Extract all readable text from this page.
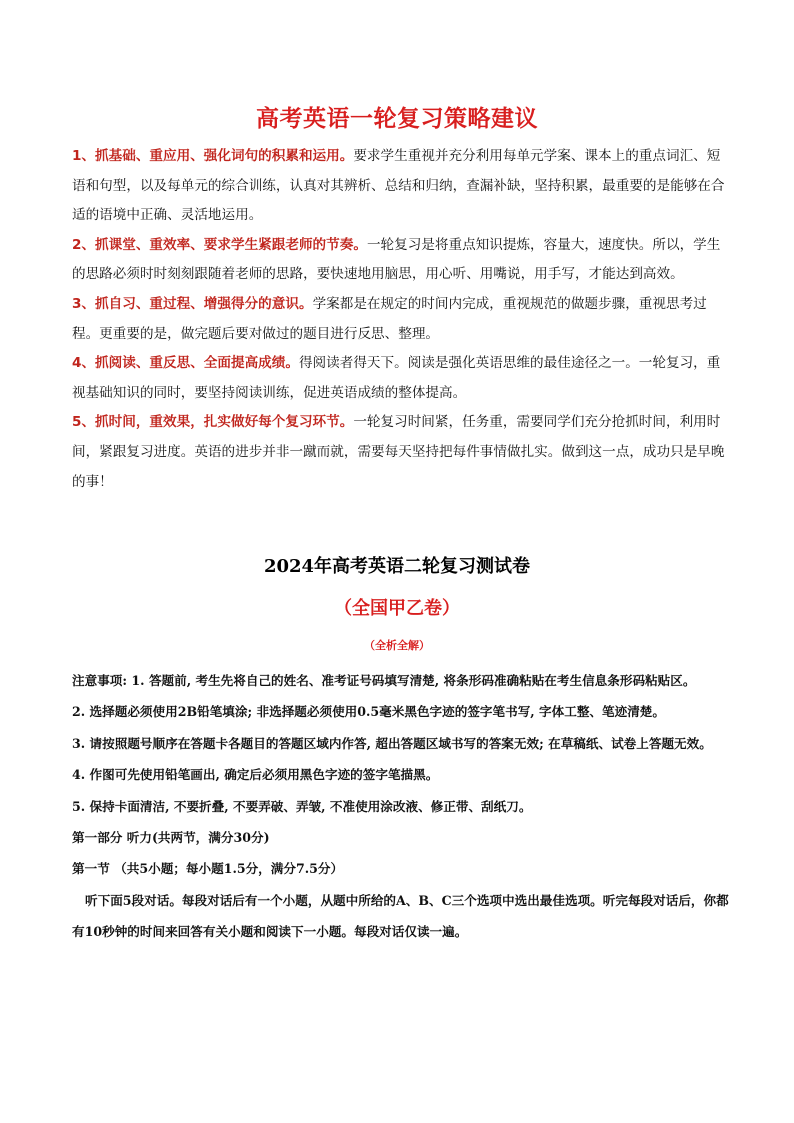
高考英语一轮复习策略建议

1、抓基础、重应用、强化词句的积累和运用。要求学生重视并充分利用每单元学案、课本上的重点词汇、短语和句型，以及每单元的综合训练，认真对其辨析、总结和归纳，查漏补缺，坚持积累，最重要的是能够在合适的语境中正确、灵活地运用。

2、抓课堂、重效率、要求学生紧跟老师的节奏。一轮复习是将重点知识提炼，容量大，速度快。所以，学生的思路必须时时刻刻跟随着老师的思路，要快速地用脑思，用心听、用嘴说，用手写，才能达到高效。

3、抓自习、重过程、增强得分的意识。学案都是在规定的时间内完成，重视规范的做题步骤，重视思考过程。更重要的是，做完题后要对做过的题目进行反思、整理。

4、抓阅读、重反思、全面提高成绩。得阅读者得天下。阅读是强化英语思维的最佳途径之一。一轮复习，重视基础知识的同时，要坚持阅读训练，促进英语成绩的整体提高。

5、抓时间，重效果，扎实做好每个复习环节。一轮复习时间紧，任务重，需要同学们充分抢抓时间，利用时间，紧跟复习进度。英语的进步并非一蹴而就，需要每天坚持把每件事情做扎实。做到这一点，成功只是早晚的事！

2024年高考英语二轮复习测试卷
（全国甲乙卷）
（全析全解）

注意事项: 1. 答题前, 考生先将自己的姓名、准考证号码填写清楚, 将条形码准确粘贴在考生信息条形码粘贴区。

2. 选择题必须使用2B铅笔填涂; 非选择题必须使用0.5毫米黑色字迹的签字笔书写, 字体工整、笔迹清楚。

3. 请按照题号顺序在答题卡各题目的答题区域内作答, 超出答题区域书写的答案无效; 在草稿纸、试卷上答题无效。

4. 作图可先使用铅笔画出, 确定后必须用黑色字迹的签字笔描黑。

5. 保持卡面清洁, 不要折叠, 不要弄破、弄皱, 不准使用涂改液、修正带、刮纸刀。

第一部分 听力(共两节，满分30分)

第一节 （共5小题；每小题1.5分，满分7.5分）

听下面5段对话。每段对话后有一个小题，从题中所给的A、B、C三个选项中选出最佳选项。听完每段对话后，你都有10秒钟的时间来回答有关小题和阅读下一小题。每段对话仅读一遍。
